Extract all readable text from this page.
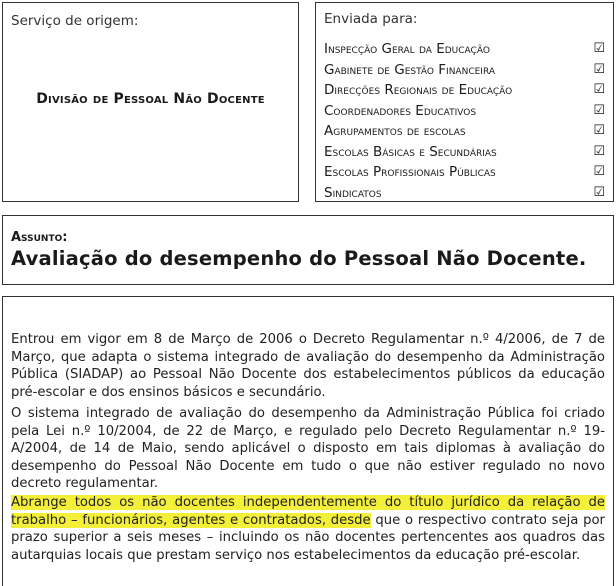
Serviço de origem:
Divisão de Pessoal Não Docente
Enviada para:
Inspecção Geral da Educação	☑
Gabinete de Gestão Financeira	☑
Direcções Regionais de Educação	☑
Coordenadores Educativos	☑
Agrupamentos de escolas	☑
Escolas Básicas e Secundárias	☑
Escolas Profissionais Públicas	☑
Sindicatos	☑
Assunto:
Avaliação do desempenho do Pessoal Não Docente.

Entrou em vigor em 8 de Março de 2006 o Decreto Regulamentar n.º 4/2006, de 7 de Março, que adapta o sistema integrado de avaliação do desempenho da Administração Pública (SIADAP) ao Pessoal Não Docente dos estabelecimentos públicos da educação pré-escolar e dos ensinos básicos e secundário.

O sistema integrado de avaliação do desempenho da Administração Pública foi criado pela Lei n.º 10/2004, de 22 de Março, e regulado pelo Decreto Regulamentar n.º 19-A/2004, de 14 de Maio, sendo aplicável o disposto em tais diplomas à avaliação do desempenho do Pessoal Não Docente em tudo o que não estiver regulado no novo decreto regulamentar.

Abrange todos os não docentes independentemente do título jurídico da relação de trabalho – funcionários, agentes e contratados, desde que o respectivo contrato seja por prazo superior a seis meses – incluindo os não docentes pertencentes aos quadros das autarquias locais que prestam serviço nos estabelecimentos da educação pré-escolar.
